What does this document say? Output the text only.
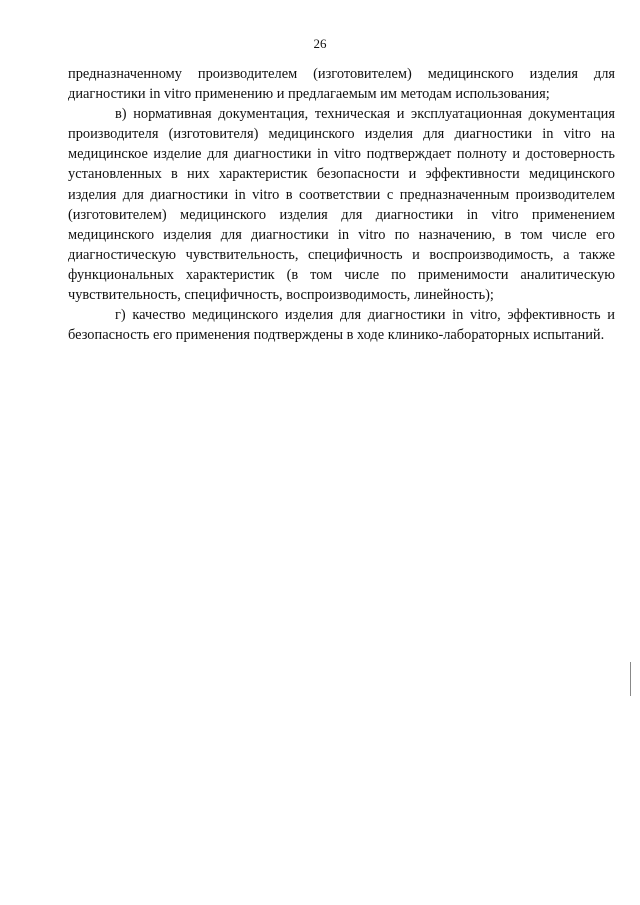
26

предназначенному производителем (изготовителем) медицинского изделия для диагностики in vitro применению и предлагаемым им методам использования;

в) нормативная документация, техническая и эксплуатационная документация производителя (изготовителя) медицинского изделия для диагностики in vitro на медицинское изделие для диагностики in vitro подтверждает полноту и достоверность установленных в них характеристик безопасности и эффективности медицинского изделия для диагностики in vitro в соответствии с предназначенным производителем (изготовителем) медицинского изделия для диагностики in vitro применением медицинского изделия для диагностики in vitro по назначению, в том числе его диагностическую чувствительность, специфичность и воспроизводимость, а также функциональных характеристик (в том числе по применимости аналитическую чувствительность, специфичность, воспроизводимость, линейность);

г) качество медицинского изделия для диагностики in vitro, эффективность и безопасность его применения подтверждены в ходе клинико-лабораторных испытаний.
